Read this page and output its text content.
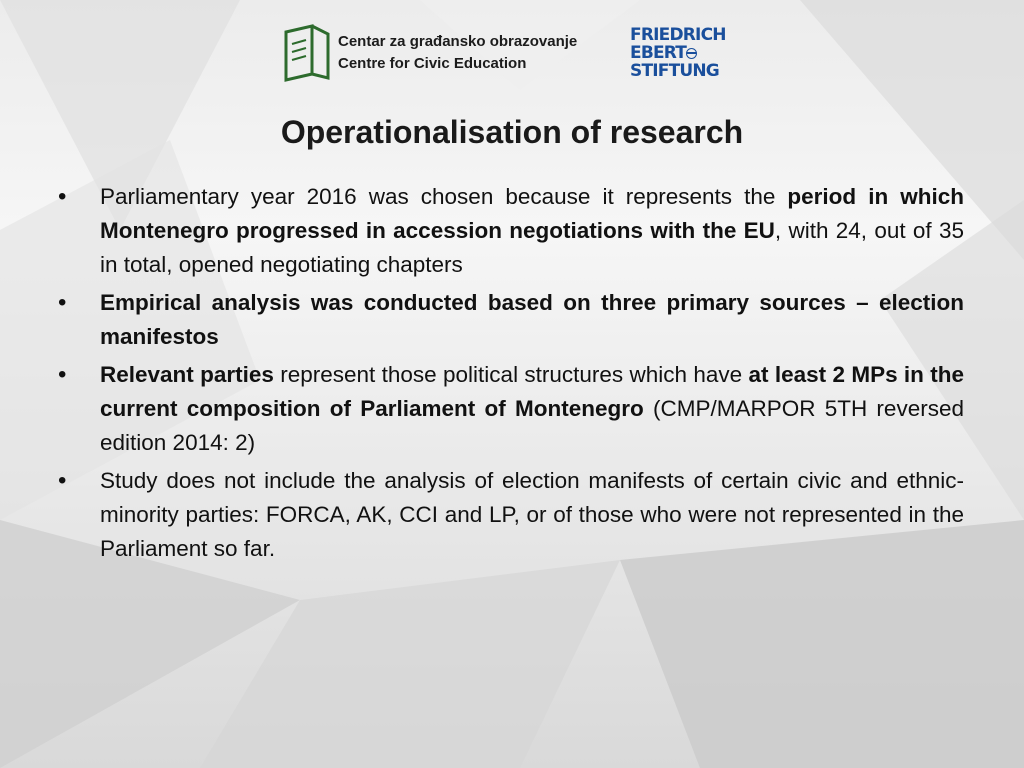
Centar za građansko obrazovanje
Centre for Civic Education
FRIEDRICH
EBERT
STIFTUNG
Operationalisation of research
• Parliamentary year 2016 was chosen because it represents the period in which Montenegro progressed in accession negotiations with the EU, with 24, out of 35 in total, opened negotiating chapters
• Empirical analysis was conducted based on three primary sources – election manifestos
• Relevant parties represent those political structures which have at least 2 MPs in the current composition of Parliament of Montenegro (CMP/MARPOR 5TH reversed edition 2014: 2)
• Study does not include the analysis of election manifests of certain civic and ethnic-minority parties: FORCA, AK, CCI and LP, or of those who were not represented in the Parliament so far.
